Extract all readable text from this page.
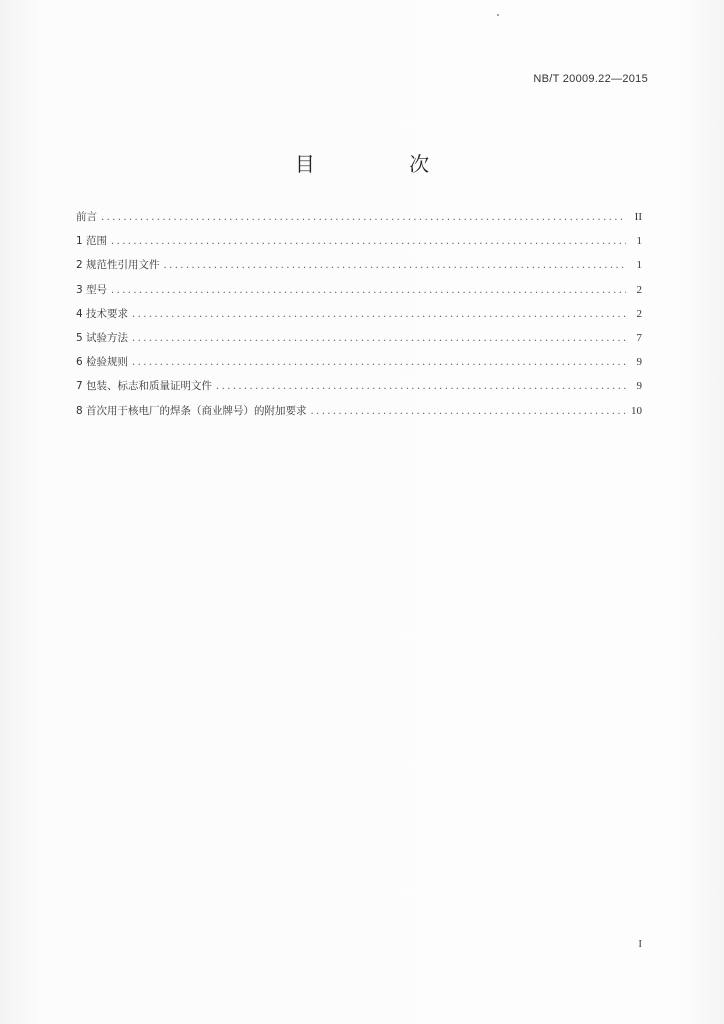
NB/T 20009.22—2015
目 次
前言 .....	II
1 范围 .....	1
2 规范性引用文件 .....	1
3 型号 .....	2
4 技术要求 .....	2
5 试验方法 .....	7
6 检验规则 .....	9
7 包装、标志和质量证明文件 .....	9
8 首次用于核电厂的焊条（商业牌号）的附加要求 .....	10
I
